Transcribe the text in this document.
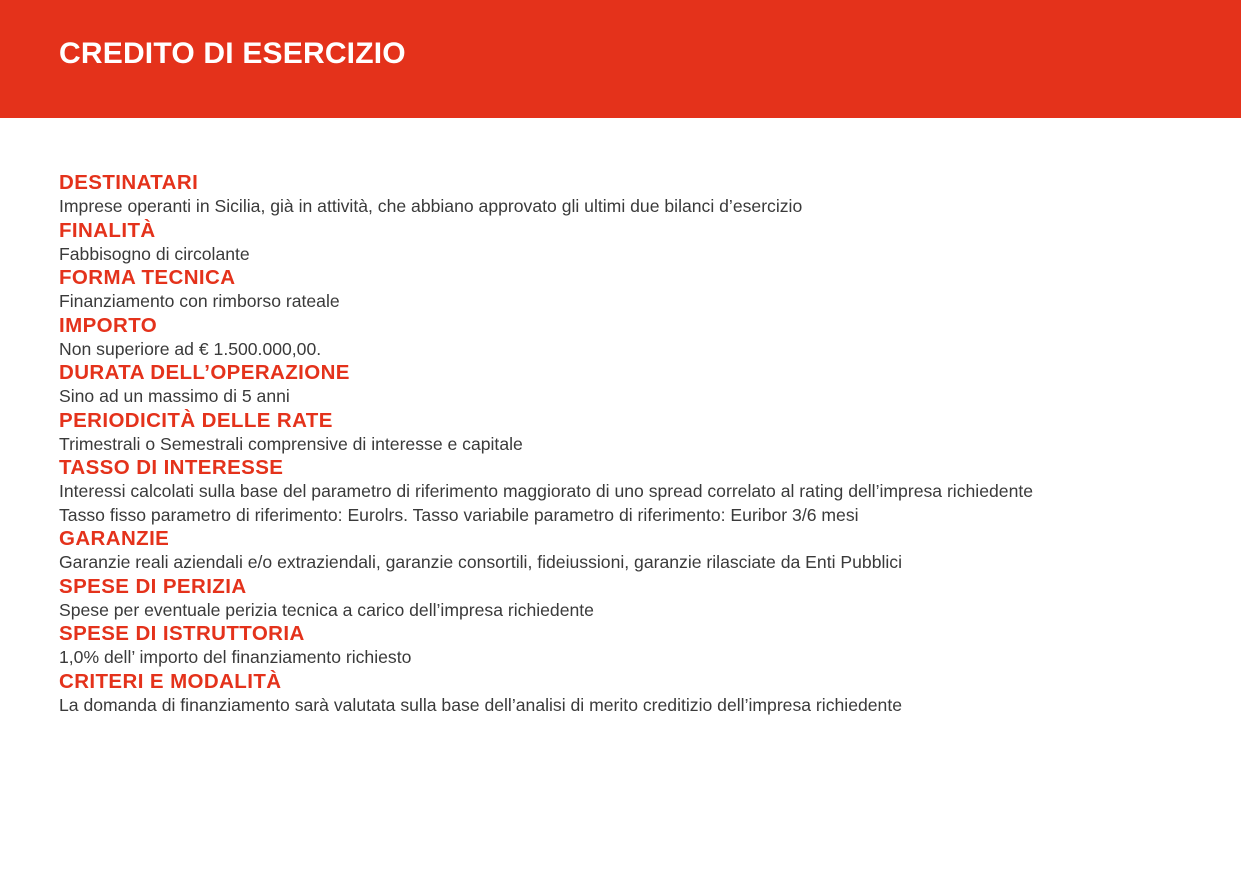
CREDITO DI ESERCIZIO
DESTINATARI
Imprese operanti in Sicilia, già in attività, che abbiano approvato gli ultimi due bilanci d’esercizio
FINALITÀ
Fabbisogno di circolante
FORMA TECNICA
Finanziamento con rimborso rateale
IMPORTO
Non superiore ad € 1.500.000,00.
DURATA DELL’OPERAZIONE
Sino ad un massimo di 5 anni
PERIODICITÀ DELLE RATE
Trimestrali o Semestrali comprensive di interesse e capitale
TASSO DI INTERESSE
Interessi calcolati sulla base del parametro di riferimento maggiorato di uno spread correlato al rating dell’impresa richiedente
Tasso fisso parametro di riferimento: Eurolrs. Tasso variabile parametro di riferimento: Euribor 3/6 mesi
GARANZIE
Garanzie reali aziendali e/o extraziendali, garanzie consortili, fideiussioni, garanzie rilasciate da Enti Pubblici
SPESE DI PERIZIA
Spese per eventuale perizia tecnica a carico dell’impresa richiedente
SPESE DI ISTRUTTORIA
1,0% dell’ importo del finanziamento richiesto
CRITERI E MODALITÀ
La domanda di finanziamento sarà valutata sulla base dell’analisi di merito creditizio dell’impresa richiedente
